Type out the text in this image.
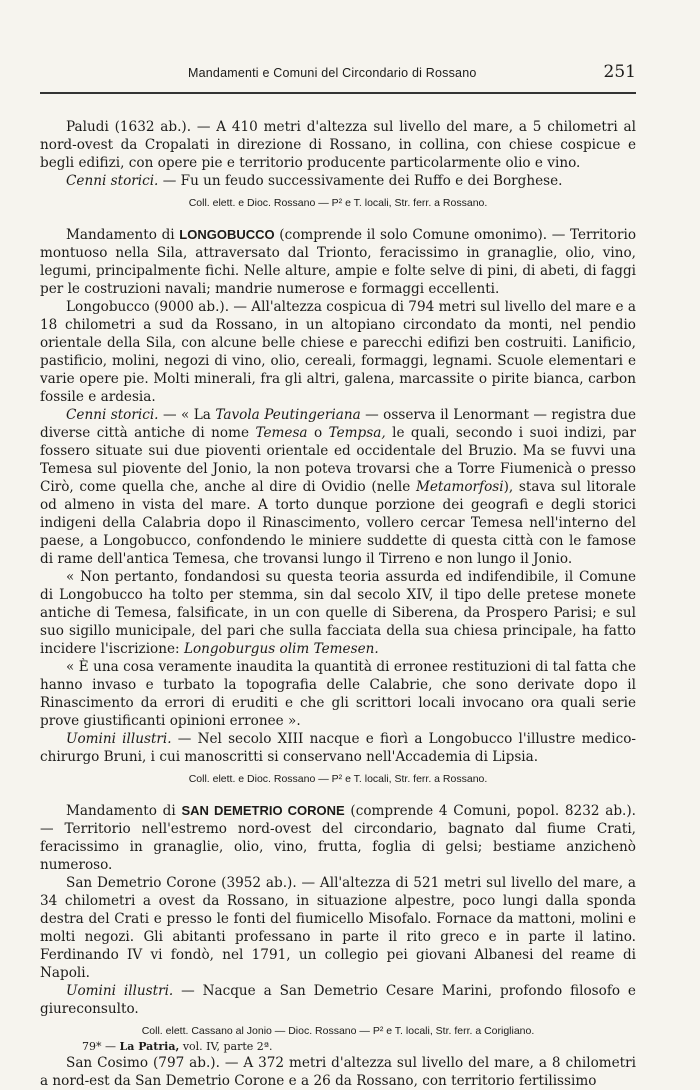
Mandamenti e Comuni del Circondario di Rossano	251

Paludi (1632 ab.). — A 410 metri d'altezza sul livello del mare, a 5 chilometri al nord-ovest da Cropalati in direzione di Rossano, in collina, con chiese cospicue e begli edifizi, con opere pie e territorio producente particolarmente olio e vino.

Cenni storici. — Fu un feudo successivamente dei Ruffo e dei Borghese.

Coll. elett. e Dioc. Rossano — P² e T. locali, Str. ferr. a Rossano.

Mandamento di LONGOBUCCO (comprende il solo Comune omonimo). — Territorio montuoso nella Sila, attraversato dal Trionto, feracissimo in granaglie, olio, vino, legumi, principalmente fichi. Nelle alture, ampie e folte selve di pini, di abeti, di faggi per le costruzioni navali; mandrie numerose e formaggi eccellenti.

Longobucco (9000 ab.). — All'altezza cospicua di 794 metri sul livello del mare e a 18 chilometri a sud da Rossano, in un altopiano circondato da monti, nel pendio orientale della Sila, con alcune belle chiese e parecchi edifizi ben costruiti. Lanificio, pastificio, molini, negozi di vino, olio, cereali, formaggi, legnami. Scuole elementari e varie opere pie. Molti minerali, fra gli altri, galena, marcassite o pirite bianca, carbon fossile e ardesia.

Cenni storici. — « La Tavola Peutingeriana — osserva il Lenormant — registra due diverse città antiche di nome Temesa o Tempsa, le quali, secondo i suoi indizi, par fossero situate sui due pioventi orientale ed occidentale del Bruzio. Ma se fuvvi una Temesa sul piovente del Jonio, la non poteva trovarsi che a Torre Fiumenicà o presso Cirò, come quella che, anche al dire di Ovidio (nelle Metamorfosi), stava sul litorale od almeno in vista del mare. A torto dunque porzione dei geografi e degli storici indigeni della Calabria dopo il Rinascimento, vollero cercar Temesa nell'interno del paese, a Longobucco, confondendo le miniere suddette di questa città con le famose di rame dell'antica Temesa, che trovansi lungo il Tirreno e non lungo il Jonio.

« Non pertanto, fondandosi su questa teoria assurda ed indifendibile, il Comune di Longobucco ha tolto per stemma, sin dal secolo XIV, il tipo delle pretese monete antiche di Temesa, falsificate, in un con quelle di Siberena, da Prospero Parisi; e sul suo sigillo municipale, del pari che sulla facciata della sua chiesa principale, ha fatto incidere l'iscrizione: Longoburgus olim Temesen.

« È una cosa veramente inaudita la quantità di erronee restituzioni di tal fatta che hanno invaso e turbato la topografia delle Calabrie, che sono derivate dopo il Rinascimento da errori di eruditi e che gli scrittori locali invocano ora quali serie prove giustificanti opinioni erronee ».

Uomini illustri. — Nel secolo XIII nacque e fiorì a Longobucco l'illustre medico-chirurgo Bruni, i cui manoscritti si conservano nell'Accademia di Lipsia.

Coll. elett. e Dioc. Rossano — P² e T. locali, Str. ferr. a Rossano.

Mandamento di SAN DEMETRIO CORONE (comprende 4 Comuni, popol. 8232 ab.). — Territorio nell'estremo nord-ovest del circondario, bagnato dal fiume Crati, feracissimo in granaglie, olio, vino, frutta, foglia di gelsi; bestiame anzichenò numeroso.

San Demetrio Corone (3952 ab.). — All'altezza di 521 metri sul livello del mare, a 34 chilometri a ovest da Rossano, in situazione alpestre, poco lungi dalla sponda destra del Crati e presso le fonti del fiumicello Misofalo. Fornace da mattoni, molini e molti negozi. Gli abitanti professano in parte il rito greco e in parte il latino. Ferdinando IV vi fondò, nel 1791, un collegio pei giovani Albanesi del reame di Napoli.

Uomini illustri. — Nacque a San Demetrio Cesare Marini, profondo filosofo e giureconsulto.

Coll. elett. Cassano al Jonio — Dioc. Rossano — P² e T. locali, Str. ferr. a Corigliano.

San Cosimo (797 ab.). — A 372 metri d'altezza sul livello del mare, a 8 chilometri a nord-est da San Demetrio Corone e a 26 da Rossano, con territorio fertilissimo

79* — La Patria, vol. IV, parte 2ª.
